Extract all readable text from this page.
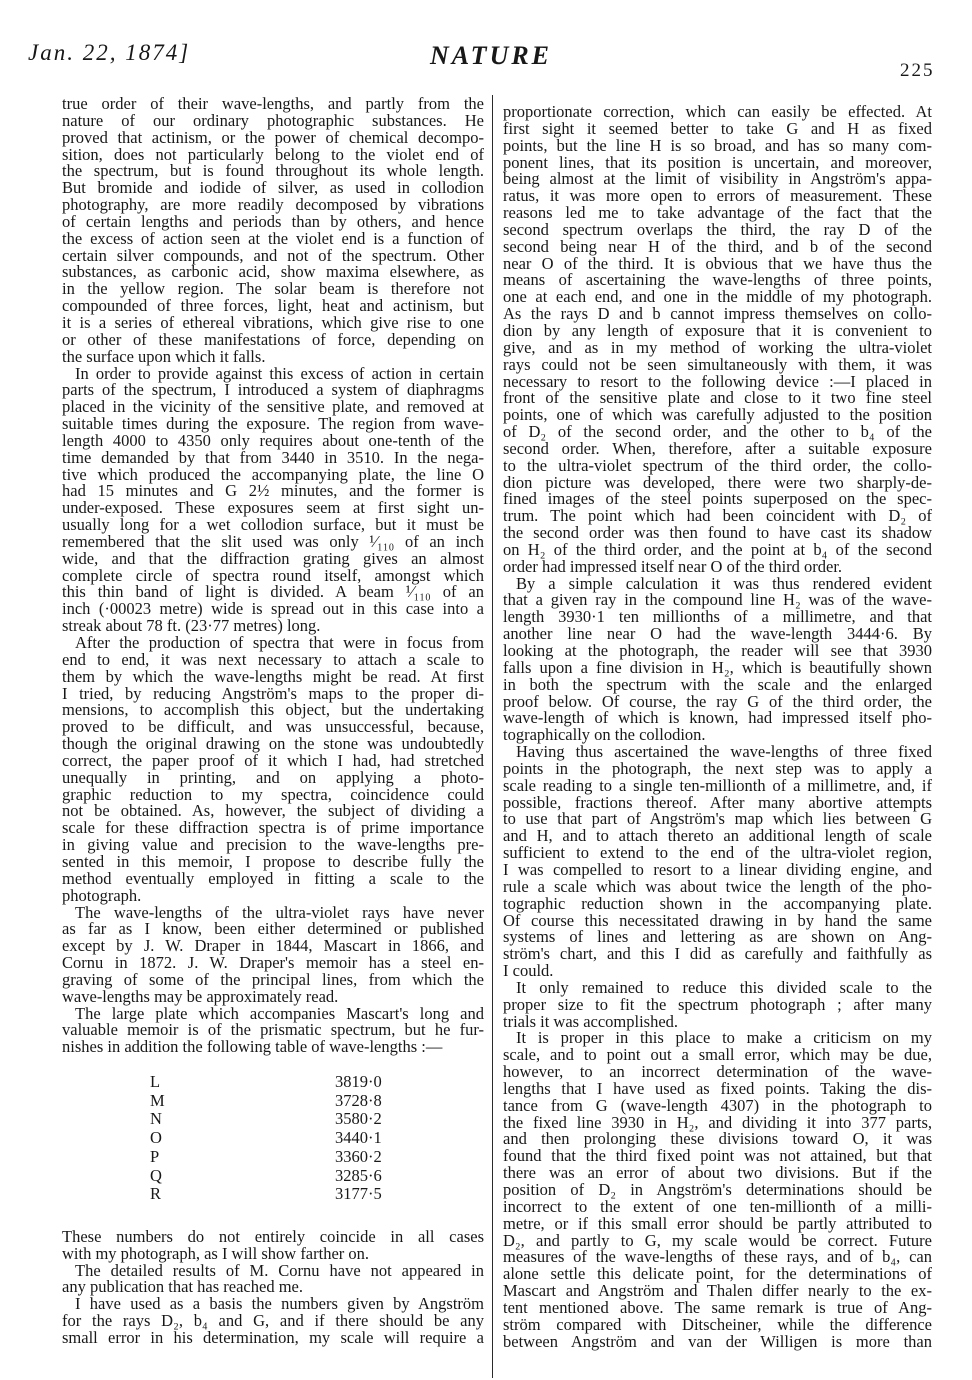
Jan. 22, 1874]	NATURE
225
true order of their wave-lengths, and partly from the
nature of our ordinary photographic substances. He
proved that actinism, or the power of chemical decompo-
sition, does not particularly belong to the violet end of
the spectrum, but is found throughout its whole length.
But bromide and iodide of silver, as used in collodion
photography, are more readily decomposed by vibrations
of certain lengths and periods than by others, and hence
the excess of action seen at the violet end is a function of
certain silver compounds, and not of the spectrum. Other
substances, as carbonic acid, show maxima elsewhere, as
in the yellow region. The solar beam is therefore not
compounded of three forces, light, heat and actinism, but
it is a series of ethereal vibrations, which give rise to one
or other of these manifestations of force, depending on
the surface upon which it falls.
In order to provide against this excess of action in certain
parts of the spectrum, I introduced a system of diaphragms
placed in the vicinity of the sensitive plate, and removed at
suitable times during the exposure. The region from wave-
length 4000 to 4350 only requires about one-tenth of the
time demanded by that from 3440 in 3510. In the nega-
tive which produced the accompanying plate, the line O
had 15 minutes and G 2½ minutes, and the former is
under-exposed. These exposures seem at first sight un-
usually long for a wet collodion surface, but it must be
remembered that the slit used was only ¹⁄₁₁₀ of an inch
wide, and that the diffraction grating gives an almost
complete circle of spectra round itself, amongst which
this thin band of light is divided. A beam ¹⁄₁₁₀ of an
inch (·00023 metre) wide is spread out in this case into a
streak about 78 ft. (23·77 metres) long.
After the production of spectra that were in focus from
end to end, it was next necessary to attach a scale to
them by which the wave-lengths might be read. At first
I tried, by reducing Angström's maps to the proper di-
mensions, to accomplish this object, but the undertaking
proved to be difficult, and was unsuccessful, because,
though the original drawing on the stone was undoubtedly
correct, the paper proof of it which I had, had stretched
unequally in printing, and on applying a photo-
graphic reduction to my spectra, coincidence could
not be obtained. As, however, the subject of dividing a
scale for these diffraction spectra is of prime importance
in giving value and precision to the wave-lengths pre-
sented in this memoir, I propose to describe fully the
method eventually employed in fitting a scale to the
photograph.
The wave-lengths of the ultra-violet rays have never
as far as I know, been either determined or published
except by J. W. Draper in 1844, Mascart in 1866, and
Cornu in 1872. J. W. Draper's memoir has a steel en-
graving of some of the principal lines, from which the
wave-lengths may be approximately read.
The large plate which accompanies Mascart's long and
valuable memoir is of the prismatic spectrum, but he fur-
nishes in addition the following table of wave-lengths :—
L	3819·0
M	3728·8
N	3580·2
O	3440·1
P	3360·2
Q	3285·6
R	3177·5
These numbers do not entirely coincide in all cases
with my photograph, as I will show farther on.
The detailed results of M. Cornu have not appeared in
any publication that has reached me.
I have used as a basis the numbers given by Angström
for the rays D₂, b₄ and G, and if there should be any
small error in his determination, my scale will require a
proportionate correction, which can easily be effected. At
first sight it seemed better to take G and H as fixed
points, but the line H is so broad, and has so many com-
ponent lines, that its position is uncertain, and moreover,
being almost at the limit of visibility in Angström's appa-
ratus, it was more open to errors of measurement. These
reasons led me to take advantage of the fact that the
second spectrum overlaps the third, the ray D of the
second being near H of the third, and b of the second
near O of the third. It is obvious that we have thus the
means of ascertaining the wave-lengths of three points,
one at each end, and one in the middle of my photograph.
As the rays D and b cannot impress themselves on collo-
dion by any length of exposure that it is convenient to
give, and as in my method of working the ultra-violet
rays could not be seen simultaneously with them, it was
necessary to resort to the following device :—I placed in
front of the sensitive plate and close to it two fine steel
points, one of which was carefully adjusted to the position
of D₂ of the second order, and the other to b₄ of the
second order. When, therefore, after a suitable exposure
to the ultra-violet spectrum of the third order, the collo-
dion picture was developed, there were two sharply-de-
fined images of the steel points superposed on the spec-
trum. The point which had been coincident with D₂ of
the second order was then found to have cast its shadow
on H₂ of the third order, and the point at b₄ of the second
order had impressed itself near O of the third order.
By a simple calculation it was thus rendered evident
that a given ray in the compound line H₂ was of the wave-
length 3930·1 ten millionths of a millimetre, and that
another line near O had the wave-length 3444·6. By
looking at the photograph, the reader will see that 3930
falls upon a fine division in H₂, which is beautifully shown
in both the spectrum with the scale and the enlarged
proof below. Of course, the ray G of the third order, the
wave-length of which is known, had impressed itself pho-
tographically on the collodion.
Having thus ascertained the wave-lengths of three fixed
points in the photograph, the next step was to apply a
scale reading to a single ten-millionth of a millimetre, and, if
possible, fractions thereof. After many abortive attempts
to use that part of Angström's map which lies between G
and H, and to attach thereto an additional length of scale
sufficient to extend to the end of the ultra-violet region,
I was compelled to resort to a linear dividing engine, and
rule a scale which was about twice the length of the pho-
tographic reduction shown in the accompanying plate.
Of course this necessitated drawing in by hand the same
systems of lines and lettering as are shown on Ang-
ström's chart, and this I did as carefully and faithfully as
I could.
It only remained to reduce this divided scale to the
proper size to fit the spectrum photograph ; after many
trials it was accomplished.
It is proper in this place to make a criticism on my
scale, and to point out a small error, which may be due,
however, to an incorrect determination of the wave-
lengths that I have used as fixed points. Taking the dis-
tance from G (wave-length 4307) in the photograph to
the fixed line 3930 in H₂, and dividing it into 377 parts,
and then prolonging these divisions toward O, it was
found that the third fixed point was not attained, but that
there was an error of about two divisions. But if the
position of D₂ in Angström's determinations should be
incorrect to the extent of one ten-millionth of a milli-
metre, or if this small error should be partly attributed to
D₂, and partly to G, my scale would be correct. Future
measures of the wave-lengths of these rays, and of b₄, can
alone settle this delicate point, for the determinations of
Mascart and Angström and Thalen differ nearly to the ex-
tent mentioned above. The same remark is true of Ang-
ström compared with Ditscheiner, while the difference
between Angström and van der Willigen is more than
